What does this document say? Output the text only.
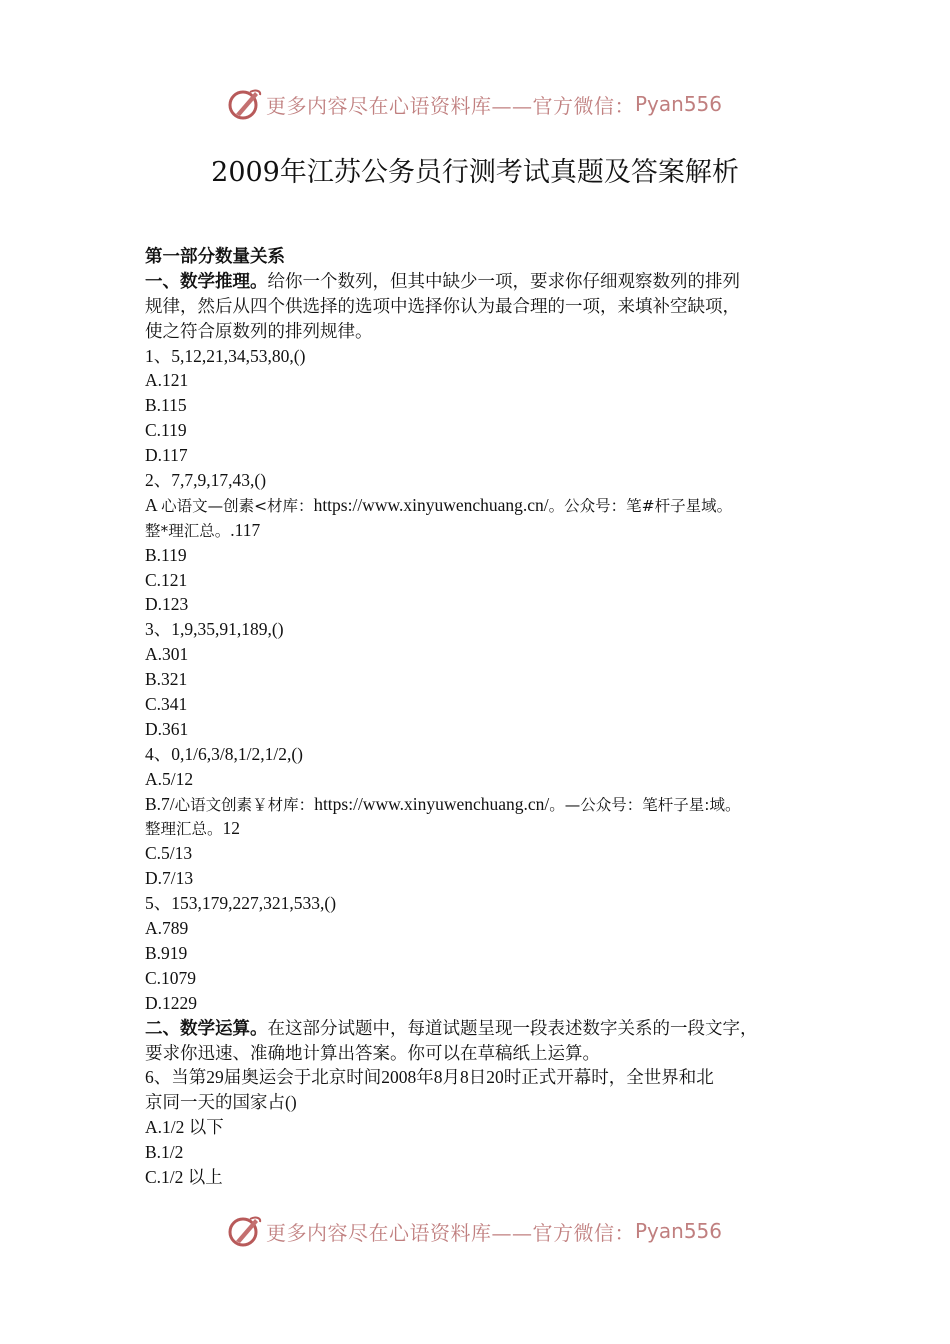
更多内容尽在心语资料库——官方微信： Pyan556
2009年江苏公务员行测考试真题及答案解析
第一部分数量关系
一、数学推理。给你一个数列，但其中缺少一项，要求你仔细观察数列的排列
规律，然后从四个供选择的选项中选择你认为最合理的一项，来填补空缺项，
使之符合原数列的排列规律。
1、5,12,21,34,53,80,()
A.121
B.115
C.119
D.117
2、7,7,9,17,43,()
A 心语文—创素<材库：https://www.xinyuwenchuang.cn/。公众号：笔#杆子星域。
整*理汇总。.117
B.119
C.121
D.123
3、1,9,35,91,189,()
A.301
B.321
C.341
D.361
4、0,1/6,3/8,1/2,1/2,()
A.5/12
B.7/心语文创素￥材库：https://www.xinyuwenchuang.cn/。—公众号：笔杆子星:域。
整理汇总。12
C.5/13
D.7/13
5、153,179,227,321,533,()
A.789
B.919
C.1079
D.1229
二、数学运算。在这部分试题中，每道试题呈现一段表述数字关系的一段文字，
要求你迅速、准确地计算出答案。你可以在草稿纸上运算。
6、当第29届奥运会于北京时间2008年8月8日20时正式开幕时，全世界和北
京同一天的国家占()
A.1/2 以下
B.1/2
C.1/2 以上
更多内容尽在心语资料库——官方微信： Pyan556
